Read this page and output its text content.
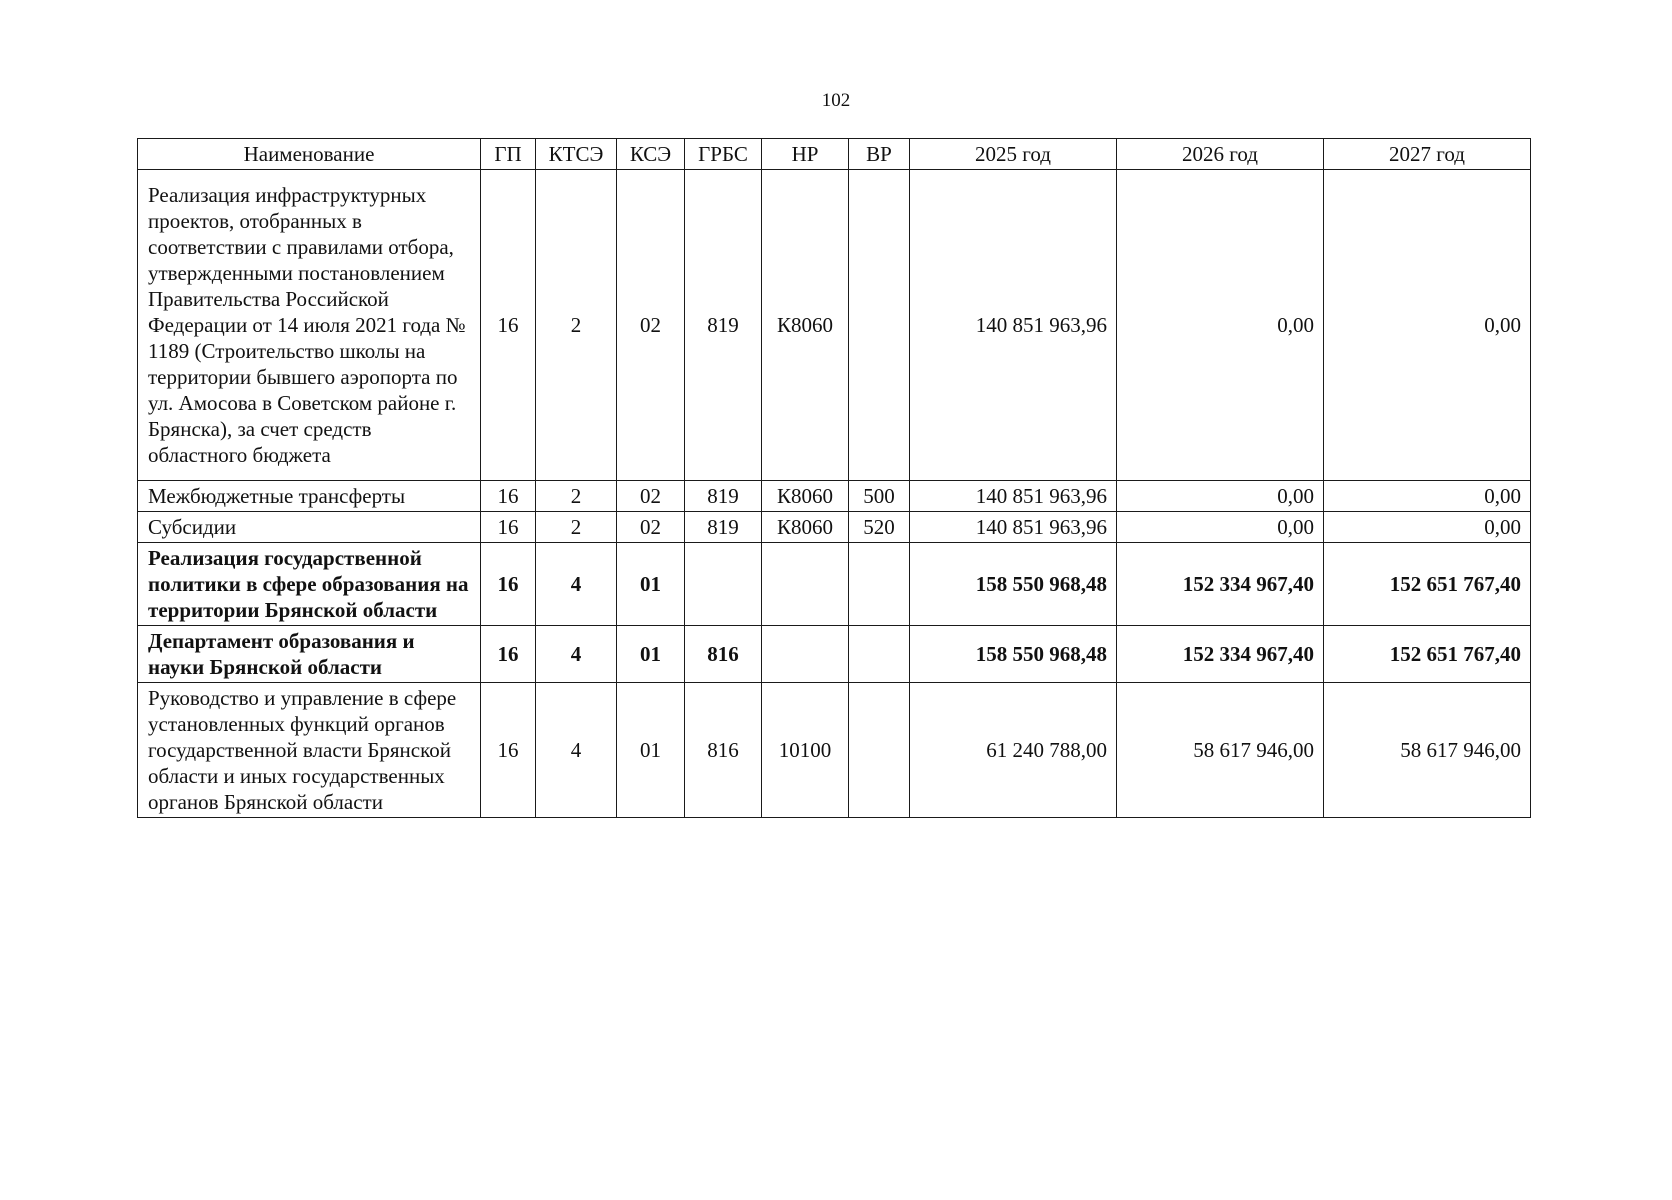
102
Наименование	ГП	КТСЭ	КСЭ	ГРБС	НР	ВР	2025 год	2026 год	2027 год
Реализация инфраструктурных проектов, отобранных в соответствии с правилами отбора, утвержденными постановлением Правительства Российской Федерации от 14 июля 2021 года № 1189 (Строительство школы на территории бывшего аэропорта по ул. Амосова в Советском районе г. Брянска), за счет средств областного бюджета	16	2	02	819	К8060		140 851 963,96	0,00	0,00
Межбюджетные трансферты	16	2	02	819	К8060	500	140 851 963,96	0,00	0,00
Субсидии	16	2	02	819	К8060	520	140 851 963,96	0,00	0,00
Реализация государственной политики в сфере образования на территории Брянской области	16	4	01				158 550 968,48	152 334 967,40	152 651 767,40
Департамент образования и науки Брянской области	16	4	01	816			158 550 968,48	152 334 967,40	152 651 767,40
Руководство и управление в сфере установленных функций органов государственной власти Брянской области и иных государственных органов Брянской области	16	4	01	816	10100		61 240 788,00	58 617 946,00	58 617 946,00
